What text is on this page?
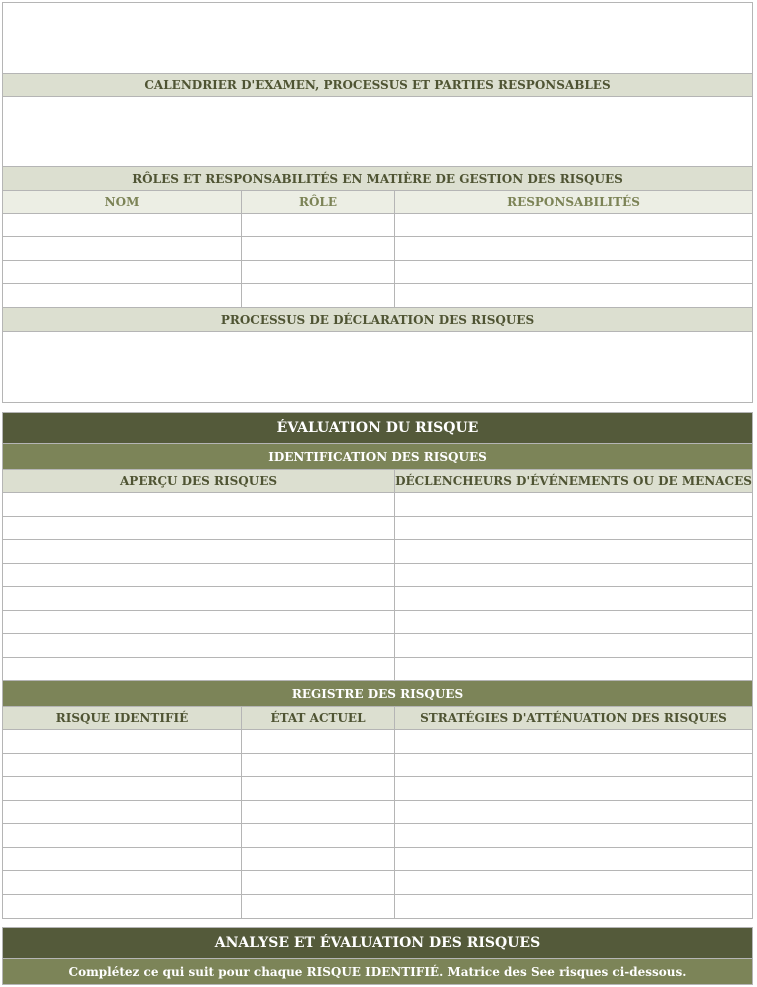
CALENDRIER D'EXAMEN, PROCESSUS ET PARTIES RESPONSABLES
RÔLES ET RESPONSABILITÉS EN MATIÈRE DE GESTION DES RISQUES
NOM	RÔLE	RESPONSABILITÉS
PROCESSUS DE DÉCLARATION DES RISQUES
ÉVALUATION DU RISQUE
IDENTIFICATION DES RISQUES
APERÇU DES RISQUES	DÉCLENCHEURS D'ÉVÉNEMENTS OU DE MENACES
REGISTRE DES RISQUES
RISQUE IDENTIFIÉ	ÉTAT ACTUEL	STRATÉGIES D'ATTÉNUATION DES RISQUES
ANALYSE ET ÉVALUATION DES RISQUES
Complétez ce qui suit pour chaque RISQUE IDENTIFIÉ. Matrice des See risques ci-dessous.
